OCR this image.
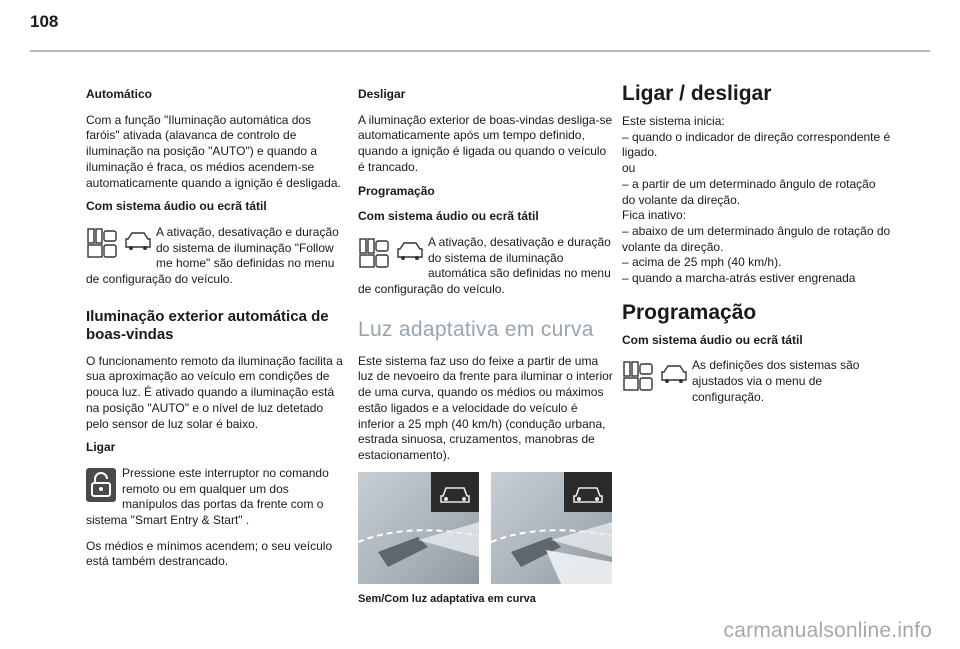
108
Automático

Com a função "Iluminação automática dos faróis" ativada (alavanca de controlo de iluminação na posição "AUTO") e quando a iluminação é fraca, os médios acendem-se automaticamente quando a ignição é desligada.

Com sistema áudio ou ecrã tátil

A ativação, desativação e duração do sistema de iluminação "Follow me home" são definidas no menu de configuração do veículo.

Iluminação exterior automática de boas-vindas

O funcionamento remoto da iluminação facilita a sua aproximação ao veículo em condições de pouca luz. É ativado quando a iluminação está na posição "AUTO" e o nível de luz detetado pelo sensor de luz solar é baixo.

Ligar

Pressione este interruptor no comando remoto ou em qualquer um dos manípulos das portas da frente com o sistema "Smart Entry & Start" .

Os médios e mínimos acendem; o seu veículo está também destrancado.

Desligar

A iluminação exterior de boas-vindas desliga-se automaticamente após um tempo definido, quando a ignição é ligada ou quando o veículo é trancado.

Programação
Com sistema áudio ou ecrã tátil

A ativação, desativação e duração do sistema de iluminação automática são definidas no menu de configuração do veículo.

Luz adaptativa em curva

Este sistema faz uso do feixe a partir de uma luz de nevoeiro da frente para iluminar o interior de uma curva, quando os médios ou máximos estão ligados e a velocidade do veículo é inferior a 25 mph (40 km/h) (condução urbana, estrada sinuosa, cruzamentos, manobras de estacionamento).

Sem/Com luz adaptativa em curva
Ligar / desligar
Este sistema inicia:
– quando o indicador de direção correspondente é ligado.
ou
– a partir de um determinado ângulo de rotação do volante da direção.
Fica inativo:
– abaixo de um determinado ângulo de rotação do volante da direção.
– acima de 25 mph (40 km/h).
– quando a marcha-atrás estiver engrenada
Programação
Com sistema áudio ou ecrã tátil

As definições dos sistemas são ajustados via o menu de configuração.

carmanualsonline.info
